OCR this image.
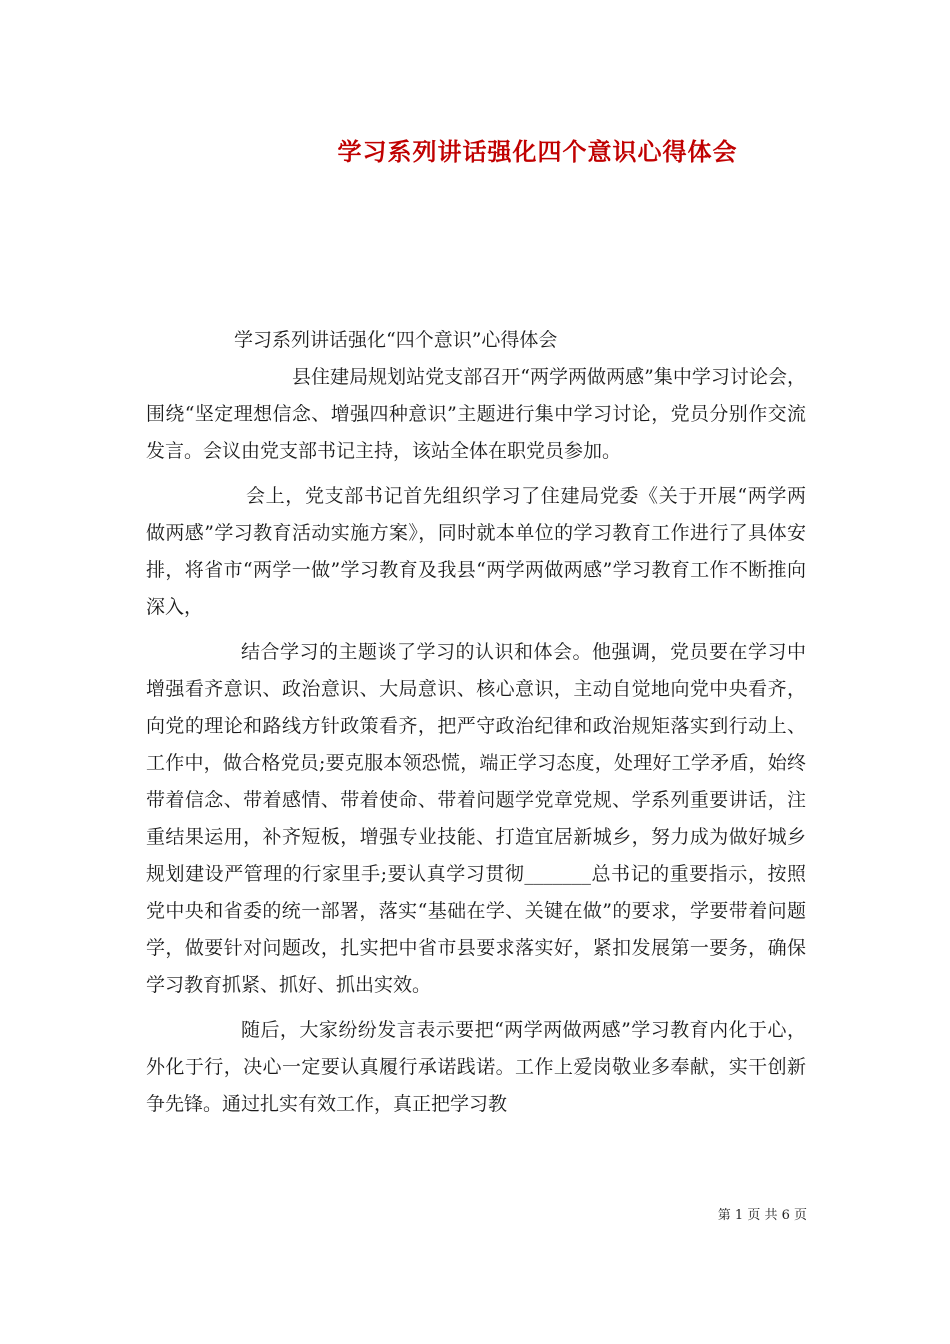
学习系列讲话强化四个意识心得体会

学习系列讲话强化“四个意识”心得体会

县住建局规划站党支部召开“两学两做两感”集中学习讨论会，围绕“坚定理想信念、增强四种意识”主题进行集中学习讨论，党员分别作交流发言。会议由党支部书记主持，该站全体在职党员参加。

会上，党支部书记首先组织学习了住建局党委《关于开展“两学两做两感”学习教育活动实施方案》，同时就本单位的学习教育工作进行了具体安排，将省市“两学一做”学习教育及我县“两学两做两感”学习教育工作不断推向深入，

结合学习的主题谈了学习的认识和体会。他强调，党员要在学习中增强看齐意识、政治意识、大局意识、核心意识，主动自觉地向党中央看齐，向党的理论和路线方针政策看齐，把严守政治纪律和政治规矩落实到行动上、工作中，做合格党员;要克服本领恐慌，端正学习态度，处理好工学矛盾，始终带着信念、带着感情、带着使命、带着问题学党章党规、学系列重要讲话，注重结果运用，补齐短板，增强专业技能、打造宜居新城乡，努力成为做好城乡规划建设严管理的行家里手;要认真学习贯彻_______总书记的重要指示，按照党中央和省委的统一部署，落实“基础在学、关键在做”的要求，学要带着问题学，做要针对问题改，扎实把中省市县要求落实好，紧扣发展第一要务，确保学习教育抓紧、抓好、抓出实效。

随后，大家纷纷发言表示要把“两学两做两感”学习教育内化于心，外化于行，决心一定要认真履行承诺践诺。工作上爱岗敬业多奉献，实干创新争先锋。通过扎实有效工作，真正把学习教

第 1 页 共 6 页
